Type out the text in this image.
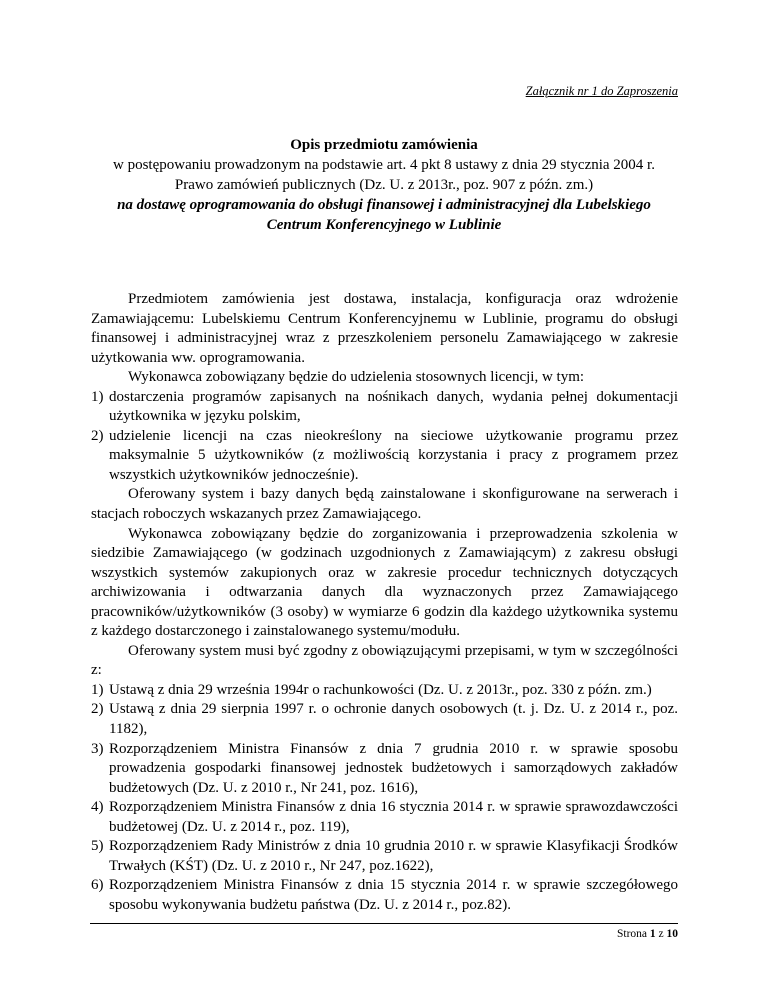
Załącznik nr 1 do Zaproszenia
Opis przedmiotu zamówienia
w postępowaniu prowadzonym na podstawie art. 4 pkt 8 ustawy z dnia 29 stycznia 2004 r.
Prawo zamówień publicznych (Dz. U. z 2013r., poz. 907 z późn. zm.)
na dostawę oprogramowania do obsługi finansowej i administracyjnej dla Lubelskiego Centrum Konferencyjnego w Lublinie

Przedmiotem zamówienia jest dostawa, instalacja, konfiguracja oraz wdrożenie Zamawiającemu: Lubelskiemu Centrum Konferencyjnemu w Lublinie, programu do obsługi finansowej i administracyjnej wraz z przeszkoleniem personelu Zamawiającego w zakresie użytkowania ww. oprogramowania.

Wykonawca zobowiązany będzie do udzielenia stosownych licencji, w tym:

1) dostarczenia programów zapisanych na nośnikach danych, wydania pełnej dokumentacji użytkownika w języku polskim,
2) udzielenie licencji na czas nieokreślony na sieciowe użytkowanie programu przez maksymalnie 5 użytkowników (z możliwością korzystania i pracy z programem przez wszystkich użytkowników jednocześnie).

Oferowany system i bazy danych będą zainstalowane i skonfigurowane na serwerach i stacjach roboczych wskazanych przez Zamawiającego.

Wykonawca zobowiązany będzie do zorganizowania i przeprowadzenia szkolenia w siedzibie Zamawiającego (w godzinach uzgodnionych z Zamawiającym) z zakresu obsługi wszystkich systemów zakupionych oraz w zakresie procedur technicznych dotyczących archiwizowania i odtwarzania danych dla wyznaczonych przez Zamawiającego pracowników/użytkowników (3 osoby) w wymiarze 6 godzin dla każdego użytkownika systemu z każdego dostarczonego i zainstalowanego systemu/modułu.

Oferowany system musi być zgodny z obowiązującymi przepisami, w tym w szczególności z:

1) Ustawą z dnia 29 września 1994r o rachunkowości (Dz. U. z 2013r., poz. 330 z późn. zm.)
2) Ustawą z dnia 29 sierpnia 1997 r. o ochronie danych osobowych (t. j. Dz. U. z 2014 r., poz. 1182),
3) Rozporządzeniem Ministra Finansów z dnia 7 grudnia 2010 r. w sprawie sposobu prowadzenia gospodarki finansowej jednostek budżetowych i samorządowych zakładów budżetowych (Dz. U. z 2010 r., Nr 241, poz. 1616),
4) Rozporządzeniem Ministra Finansów z dnia 16 stycznia 2014 r. w sprawie sprawozdawczości budżetowej (Dz. U. z 2014 r., poz. 119),
5) Rozporządzeniem Rady Ministrów z dnia 10 grudnia 2010 r. w sprawie Klasyfikacji Środków Trwałych (KŚT) (Dz. U. z 2010 r., Nr 247, poz.1622),
6) Rozporządzeniem Ministra Finansów z dnia 15 stycznia 2014 r. w sprawie szczegółowego sposobu wykonywania budżetu państwa (Dz. U. z 2014 r., poz.82).
Strona 1 z 10
